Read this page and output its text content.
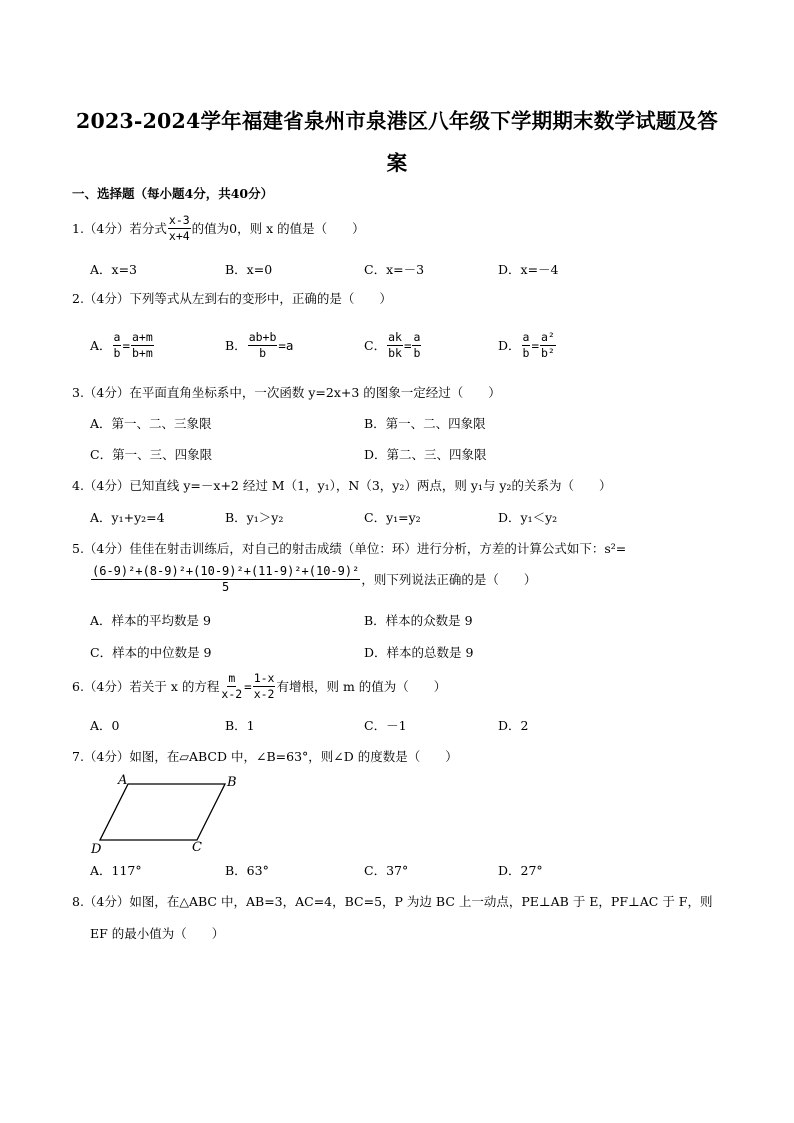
2023-2024学年福建省泉州市泉港区八年级下学期期末数学试题及答
案
一、选择题（每小题4分，共40分）
1.（4分）若分式 $\frac{x-3}{x+4}$ 的值为0，则 x 的值是（　　）
A．x=3	B．x=0	C．x=－3	D．x=－4
2.（4分）下列等式从左到右的变形中，正确的是（　　）
A． $\frac{a}{b} = \frac{a+m}{b+m}$	B． $\frac{ab+b}{b} =a$	C． $\frac{ak}{bk} = \frac{a}{b}$	D． $\frac{a}{b} = \frac{\text{a²}}{\text{b²}}$
3.（4分）在平面直角坐标系中，一次函数 y=2x+3 的图象一定经过（　　）
A．第一、二、三象限	B．第一、二、四象限
C．第一、三、四象限	D．第二、三、四象限
4.（4分）已知直线 y=－x+2 经过 M（1，y₁），N（3，y₂）两点，则 y₁与 y₂的关系为（　　）
A．y₁+y₂=4	B．y₁＞y₂	C．y₁=y₂	D．y₁＜y₂
5.（4分）佳佳在射击训练后，对自己的射击成绩（单位：环）进行分析，方差的计算公式如下：s²=
$\frac{\text{(6-9)²+(8-9)²+(10-9)²+(11-9)²+(10-9)²}}{5}$ ，则下列说法正确的是（　　）
A．样本的平均数是 9	B．样本的众数是 9
C．样本的中位数是 9	D．样本的总数是 9
6.（4分）若关于 x 的方程 $\frac{m}{x-2} = \frac{1-x}{x-2}$ 有增根，则 m 的值为（　　）
A．0	B．1	C．－1	D．2
7.（4分）如图，在▱ABCD 中，∠B=63°，则∠D 的度数是（　　）
A	B
C
D
A．117°	B．63°	C．37°	D．27°
8.（4分）如图，在△ABC 中，AB=3，AC=4，BC=5，P 为边 BC 上一动点，PE⊥AB 于 E，PF⊥AC 于 F，则
EF 的最小值为（　　）
